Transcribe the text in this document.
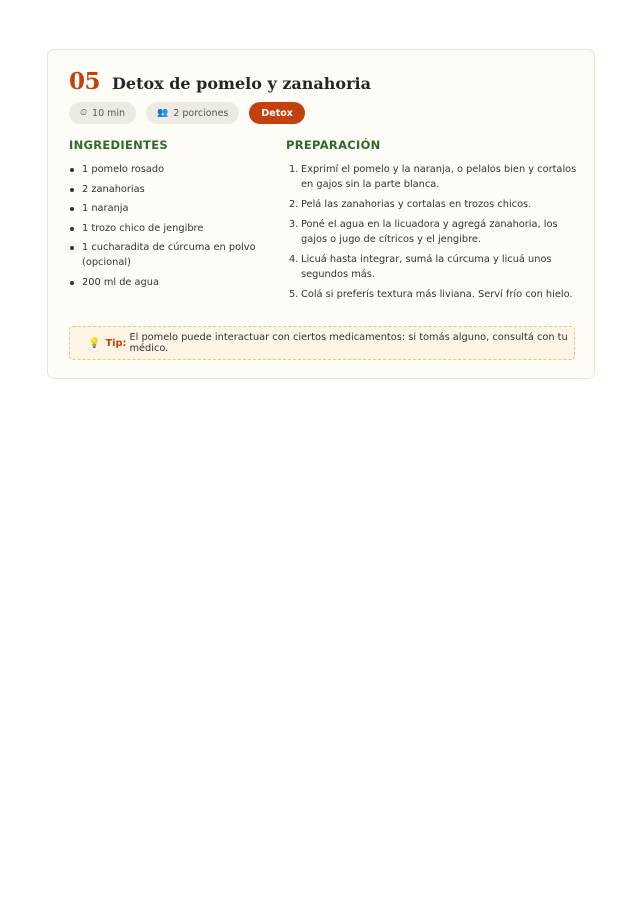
05 Detox de pomelo y zanahoria
⏲ 10 min	👥 2 porciones	Detox
INGREDIENTES
1 pomelo rosado
2 zanahorias
1 naranja
1 trozo chico de jengibre
1 cucharadita de cúrcuma en polvo (opcional)
200 ml de agua
PREPARACIÓN
1. Exprimí el pomelo y la naranja, o pelalos bien y cortalos en gajos sin la parte blanca.
2. Pelá las zanahorias y cortalas en trozos chicos.
3. Poné el agua en la licuadora y agregá zanahoria, los gajos o jugo de cítricos y el jengibre.
4. Licuá hasta integrar, sumá la cúrcuma y licuá unos segundos más.
5. Colá si preferís textura más liviana. Serví frío con hielo.
💡 Tip: El pomelo puede interactuar con ciertos medicamentos: si tomás alguno, consultá con tu médico.
